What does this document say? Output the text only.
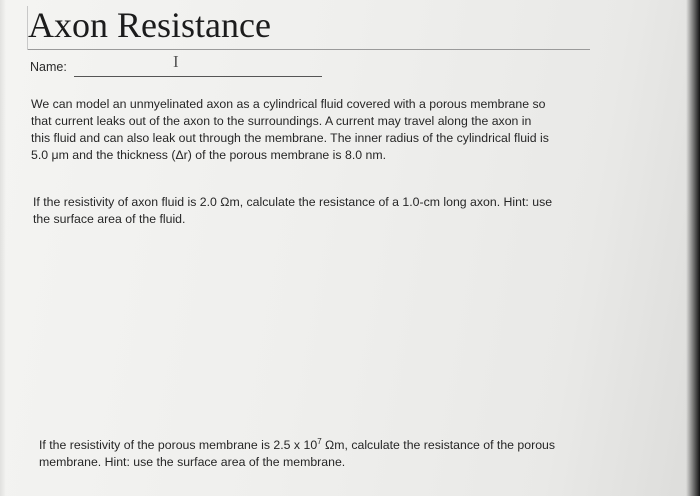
Axon Resistance
Name:	I
We can model an unmyelinated axon as a cylindrical fluid covered with a porous membrane so
that current leaks out of the axon to the surroundings. A current may travel along the axon in
this fluid and can also leak out through the membrane. The inner radius of the cylindrical fluid is
5.0 μm and the thickness (Δr) of the porous membrane is 8.0 nm.
If the resistivity of axon fluid is 2.0 Ωm, calculate the resistance of a 1.0-cm long axon. Hint: use
the surface area of the fluid.
If the resistivity of the porous membrane is 2.5 x $10^7$ Ωm, calculate the resistance of the porous
membrane. Hint: use the surface area of the membrane.
